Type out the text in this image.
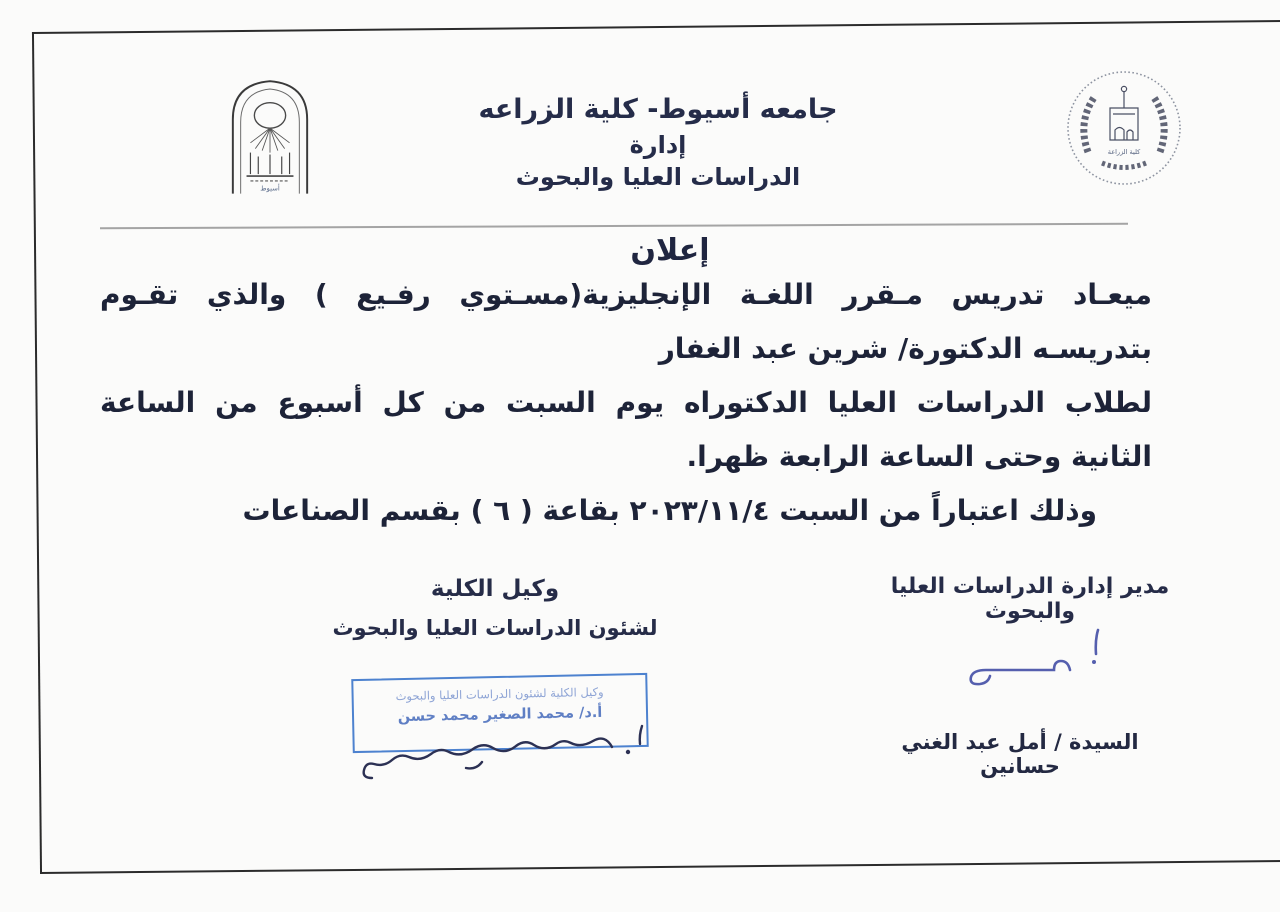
أسيوط
جامعه أسيوط- كلية الزراعه
إدارة
الدراسات العليا والبحوث
كلية الزراعة
إعلان
ميعـاد تدريس مـقرر اللغـة الإنجليزية(مسـتوي رفـيع ) والذي تقـوم
بتدريسـه الدكتورة/ شرين عبد الغفار
لطلاب الدراسات العليا الدكتوراه يوم السبت من كل أسبوع من الساعة
الثانية وحتى الساعة الرابعة ظهرا.
وذلك اعتباراً من السبت ٢٠٢٣/١١/٤ بقاعة ( ٦ ) بقسم الصناعات
وكيل الكلية
لشئون الدراسات العليا والبحوث
وكيل الكلية لشئون الدراسات العليا والبحوث
أ.د/ محمد الصغير محمد حسن
مدير إدارة الدراسات العليا والبحوث
السيدة / أمل عبد الغني حسانين
